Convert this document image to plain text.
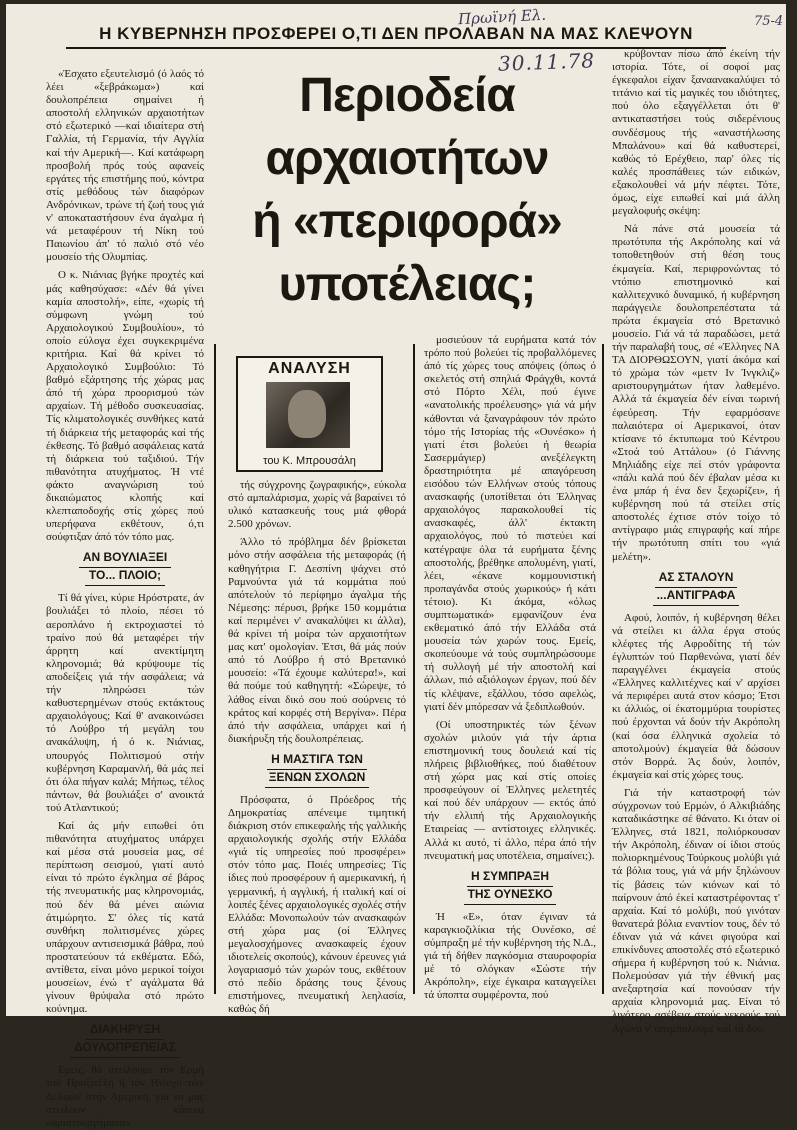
Πρωϊνή Ελ.	75-4
30.11.78
Η ΚΥΒΕΡΝΗΣΗ ΠΡΟΣΦΕΡΕΙ Ο,ΤΙ ΔΕΝ ΠΡΟΛΑΒΑΝ ΝΑ ΜΑΣ ΚΛΕΨΟΥΝ
Περιοδεία
αρχαιοτήτων
ή «περιφορά»
υποτέλειας;
ΑΝΑΛΥΣΗ
του Κ. Μπρουσάλη

«Έσχατο εξευτελισμό (ό λαός τό λέει «ξεβράκωμα») καί δουλοπρέπεια σημαίνει ή αποστολή ελληνικών αρχαιοτήτων στό εξωτερικό —καί ιδιαίτερα στή Γαλλία, τή Γερμανία, τήν Αγγλία καί τήν Αμερική—. Καί κατάφωρη προσβολή πρός τούς αφανείς εργάτες τής επιστήμης πού, κόντρα στίς μεθόδους τών διαφόρων Ανδρόνικων, τρώνε τή ζωή τους γιά ν' αποκαταστήσουν ένα άγαλμα ή νά μεταφέρουν τή Νίκη τού Παιωνίου άπ' τό παλιό στό νέο μουσείο τής Ολυμπίας.

Ο κ. Νιάνιας βγήκε προχτές καί μάς καθησύχασε: «Δέν θά γίνει καμία αποστολή», είπε, «χωρίς τή σύμφωνη γνώμη τού Αρχαιολογικού Συμβουλίου», τό οποίο εύλογα έχει συγκεκριμένα κριτήρια. Καί θά κρίνει τό Αρχαιολογικό Συμβούλιο: Τό βαθμό εξάρτησης τής χώρας μας άπό τή χώρα προορισμού τών αρχαίων. Τή μέθοδο συσκευασίας. Τίς κλιματολογικές συνθήκες κατά τή διάρκεια τής μεταφοράς καί τής έκθεσης. Τό βαθμό ασφάλειας κατά τή διάρκεια τού ταξιδιού. Τήν πιθανότητα ατυχήματος. Ή ντέ φάκτο αναγνώριση τού δικαιώματος κλοπής καί κλεπταποδοχής στίς χώρες πού υπερήφανα εκθέτουν, ό,τι σούφτιξαν άπό τόν τόπο μας.

ΑΝ ΒΟΥΛΙΑΞΕΙ
ΤΟ... ΠΛΟΙΟ;

Τί θά γίνει, κύριε Ηρόστρατε, άν βουλιάξει τό πλοίο, πέσει τό αεροπλάνο ή εκτροχιαστεί τό τραίνο πού θά μεταφέρει τήν άρρητη καί ανεκτίμητη κληρονομιά; θά κρύψουμε τίς αποδείξεις γιά τήν ασφάλεια; νά τήν πληρώσει τών καθυστερημένων στούς εκτάκτους αρχαιολόγους; Καί θ' ανακοινώσει τό Λούβρο τή μεγάλη του ανακάλυψη, ή ό κ. Νιάνιας, υπουργός Πολιτισμού στήν κυβέρνηση Καραμανλή, θά μάς πεί ότι όλα πήγαν καλά; Μήπως, τέλος πάντων, θά βουλιάξει σ' ανοικτά τού Ατλαντικού;

Καί άς μήν ειπωθεί ότι πιθανότητα ατυχήματος υπάρχει καί μέσα στά μουσεία μας, σέ περίπτωση σεισμού, γιατί αυτό είναι τό πρώτο έγκλημα σέ βάρος τής πνευματικής μας κληρονομιάς, πού δέν θά μένει αιώνια άτιμώρητο. Σ' όλες τίς κατά συνθήκη πολιτισμένες χώρες υπάρχουν αντισεισμικά βάθρα, πού προστατεύουν τά εκθέματα. Εδώ, αντίθετα, είναι μόνο μερικοί τοίχοι μουσείων, ένώ τ' αγάλματα θά γίνουν θρύψαλα στό πρώτο κούνημα.

ΔΙΑΚΗΡΥΞΗ
ΔΟΥΛΟΠΡΕΠΕΙΑΣ

Εμείς, θά στείλουμε τόν Ερμή τού Πραξιτέλη ή τόν Ηνίοχο τών Δελφών στήν Αμερική, γιά νά μάς στείλουν κάποια «αριστουργήματα»

τής σύγχρονης ζωγραφικής», εύκολα στό αμπαλάρισμα, χωρίς νά βαραίνει τό υλικό κατασκευής τους μιά φθορά 2.500 χρόνων.

Άλλο τό πρόβλημα δέν βρίσκεται μόνο στήν ασφάλεια τής μεταφοράς (ή καθηγήτρια Γ. Δεσπίνη ψάχνει στό Ραμνούντα γιά τά κομμάτια πού απότελούν τό περίφημο άγαλμα τής Νέμεσης: πέρυσι, βρήκε 150 κομμάτια καί περιμένει ν' ανακαλύψει κι άλλα), θά κρίνει τή μοίρα τών αρχαιοτήτων μας κατ' ομολογίαν. Έτσι, θά μάς πούν από τό Λούβρο ή στό Βρετανικό μουσείο: «Τά έχουμε καλύτερα!», καί θά πούμε τού καθηγητή: «Σώρεψε, τό λάθος είναι δικό σου πού σούρνεις τό κράτος καί κορφές στή Βεργίνα». Πέρα άπό τήν ασφάλεια, υπάρχει καί ή διακήρυξη τής δουλοπρέπειας.

Η ΜΑΣΤΙΓΑ ΤΩΝ
ΞΕΝΩΝ ΣΧΟΛΩΝ

Πρόσφατα, ό Πρόεδρος τής Δημοκρατίας απένειμε τιμητική διάκριση στόν επικεφαλής τής γαλλικής αρχαιολογικής σχολής στήν Ελλάδα «γιά τίς υπηρεσίες πού προσφέρει» στόν τόπο μας. Ποιές υπηρεσίες; Τίς ίδιες πού προσφέρουν ή αμερικανική, ή γερμανική, ή αγγλική, ή ιταλική καί οί λοιπές ξένες αρχαιολογικές σχολές στήν Ελλάδα: Μονοπωλούν τών ανασκαφών στή χώρα μας (οί Έλληνες μεγαλοσχήμονες ανασκαφείς έχουν ιδιοτελείς σκοπούς), κάνουν έρευνες γιά λογαριασμό τών χωρών τους, εκθέτουν στό πεδίο δράσης τους ξένους επιστήμονες, πνευματική λεηλασία, καθώς δή

μοσιεύουν τά ευρήματα κατά τόν τρόπο πού βολεύει τίς προβαλλόμενες άπό τίς χώρες τους απόψεις (όπως ό σκελετός στή σπηλιά Φράγχθι, κοντά στό Πόρτο Χέλι, πού έγινε «ανατολικής προέλευσης» γιά νά μήν κάθονται νά ξαναγράφουν τόν πρώτο τόμο τής Ιστορίας τής «Ουνέσκο» ή γιατί έτσι βολεύει ή θεωρία Σασερμάγιερ) ανεξέλεγκτη δραστηριότητα μέ απαγόρευση εισόδου τών Ελλήνων στούς τόπους ανασκαφής (υποτίθεται ότι Έλληνας αρχαιολόγος παρακολουθεί τίς ανασκαφές, άλλ' έκτακτη αρχαιολόγος, πού τό πιστεύει καί κατέγραψε όλα τά ευρήματα ξένης αποστολής, βρέθηκε απολυμένη, γιατί, λέει, «έκανε κομμουνιστική προπαγάνδα στούς χωρικούς» ή κάτι τέτοιο). Κι άκόμα, «όλως συμπτωματικά» εμφανίζουν ένα εκθεματικό άπό τήν Ελλάδα στά μουσεία τών χωρών τους. Εμείς, σκοπεύουμε νά τούς συμπληρώσουμε τή συλλογή μέ τήν αποστολή καί άλλων, πιό αξιόλογων έργων, πού δέν τίς κλέψανε, εξάλλου, τόσο αφελώς, γιατί δέν μπόρεσαν νά ξεδιπλωθούν.

(Οί υποστηρικτές τών ξένων σχολών μιλούν γιά τήν άρτια επιστημονική τους δουλειά καί τίς πλήρεις βιβλιοθήκες, πού διαθέτουν στή χώρα μας καί στίς οποίες προσφεύγουν οί Έλληνες μελετητές καί πού δέν υπάρχουν — εκτός άπό τήν ελλιπή τής Αρχαιολογικής Εταιρείας — αντίστοιχες ελληνικές. Αλλά κι αυτό, τί άλλο, πέρα άπό τήν πνευματική μας υποτέλεια, σημαίνει;).

Η ΣΥΜΠΡΑΞΗ
ΤΗΣ ΟΥΝΕΣΚΟ

Ή «Ε», όταν έγιναν τά καραγκιοζιλίκια τής Ουνέσκο, σέ σύμπραξη μέ τήν κυβέρνηση τής Ν.Δ., γιά τή δήθεν παγκόσμια σταυροφορία μέ τό σλόγκαν «Σώστε τήν Ακρόπολη», είχε έγκαιρα καταγγείλει τά ύποπτα συμφέροντα, πού

κρύβονταν πίσω άπό έκείνη τήν ιστορία. Τότε, οί σοφοί μας έγκεφαλοι είχαν ξαναανακαλύψει τό τιτάνιο καί τίς μαγικές του ιδιότητες, πού όλο εξαγγέλλεται ότι θ' αντικαταστήσει τούς σιδερένιους συνδέσμους τής «αναστήλωσης Μπαλάνου» καί θά καθυστερεί, καθώς τό Ερέχθειο, παρ' όλες τίς καλές προσπάθειες τών ειδικών, εξακολουθεί νά μήν πέφτει. Τότε, όμως, είχε ειπωθεί καί μιά άλλη μεγαλοφυής σκέψη:

Νά πάνε στά μουσεία τά πρωτότυπα τής Ακρόπολης καί νά τοποθετηθούν στή θέση τους έκμαγεία. Καί, περιφρονώντας τό ντόπιο επιστημονικό καί καλλιτεχνικό δυναμικό, ή κυβέρνηση παράγγειλε δουλοπρεπέστατα τά πρώτα έκμαγεία στό Βρετανικό μουσείο. Γιά νά τά παραδώσει, μετά τήν παραλαβή τους, σέ «Έλληνες ΝΑ ΤΑ ΔΙΟΡΘΩΣΟΥΝ, γιατί άκόμα καί τό χρώμα τών «μετν Ιν Ίνγκλιζ» αριστουργημάτων ήταν λαθεμένο. Αλλά τά έκμαγεία δέν είναι τωρινή έφεύρεση. Τήν εφαρμόσανε παλαιότερα οί Αμερικανοί, όταν κτίσανε τό έκτυπωμα τού Κέντρου «Στοά τού Αττάλου» (ό Γιάννης Μηλιάδης είχε πεί στόν γράφοντα «πάλι καλά πού δέν έβαλαν μέσα κι ένα μπάρ ή ένα δεν ξεχωρίζει», ή κυβέρνηση πού τά στείλει στίς αποστολές έχτισε στόν τοίχο τό αντίγραφο μιάς επιγραφής καί πήρε τήν πρωτότυπη σπίτι του «γιά μελέτη».

ΑΣ ΣΤΑΛΟΥΝ
...ΑΝΤΙΓΡΑΦΑ

Αφού, λοιπόν, ή κυβέρνηση θέλει νά στείλει κι άλλα έργα στούς κλέφτες τής Αφροδίτης τή τών έγλυπτών τού Παρθενώνα, γιατί δέν παραγγέλνει έκμαγεία στούς «Έλληνες καλλιτέχνες καί ν' αρχίσει νά περιφέρει αυτά στον κόσμο; Έτσι κι άλλιώς, οί έκατομμύρια τουρίστες πού έρχονται νά δούν τήν Ακρόπολη (καί όσα έλληνικά σχολεία τό αποτολμούν) έκμαγεία θά δώσουν στόν Βορρά. Άς δούν, λοιπόν, έκμαγεία καί στίς χώρες τους.

Γιά τήν καταστροφή τών σύγχρονων τού Ερμών, ό Αλκιβιάδης καταδικάστηκε σέ θάνατο. Κι όταν οί Έλληνες, στά 1821, πολιόρκουσαν τήν Ακρόπολη, έδιναν οί ίδιοι στούς πολιορκημένους Τούρκους μολύβι γιά τά βόλια τους, γιά νά μήν ξηλώνουν τίς βάσεις τών κιόνων καί τό παίρνουν άπό έκεί καταστρέφοντας τ' αρχαία. Καί τό μολύβι, πού γινόταν θανατερά βόλια εναντίον τους, δέν τό έδιναν γιά νά κάνει φιγούρα καί επικίνδυνες αποστολές στό εξωτερικό σήμερα ή κυβέρνηση τού κ. Νιάνια. Πολεμούσαν γιά τήν έθνική μας ανεξαρτησία καί πονούσαν τήν αρχαία κληρονομιά μας. Είναι τό λιγότερο ασέβεια στούς νεκρούς τού Αγώνα ν' απεμπολούμε καί τά δύο.
